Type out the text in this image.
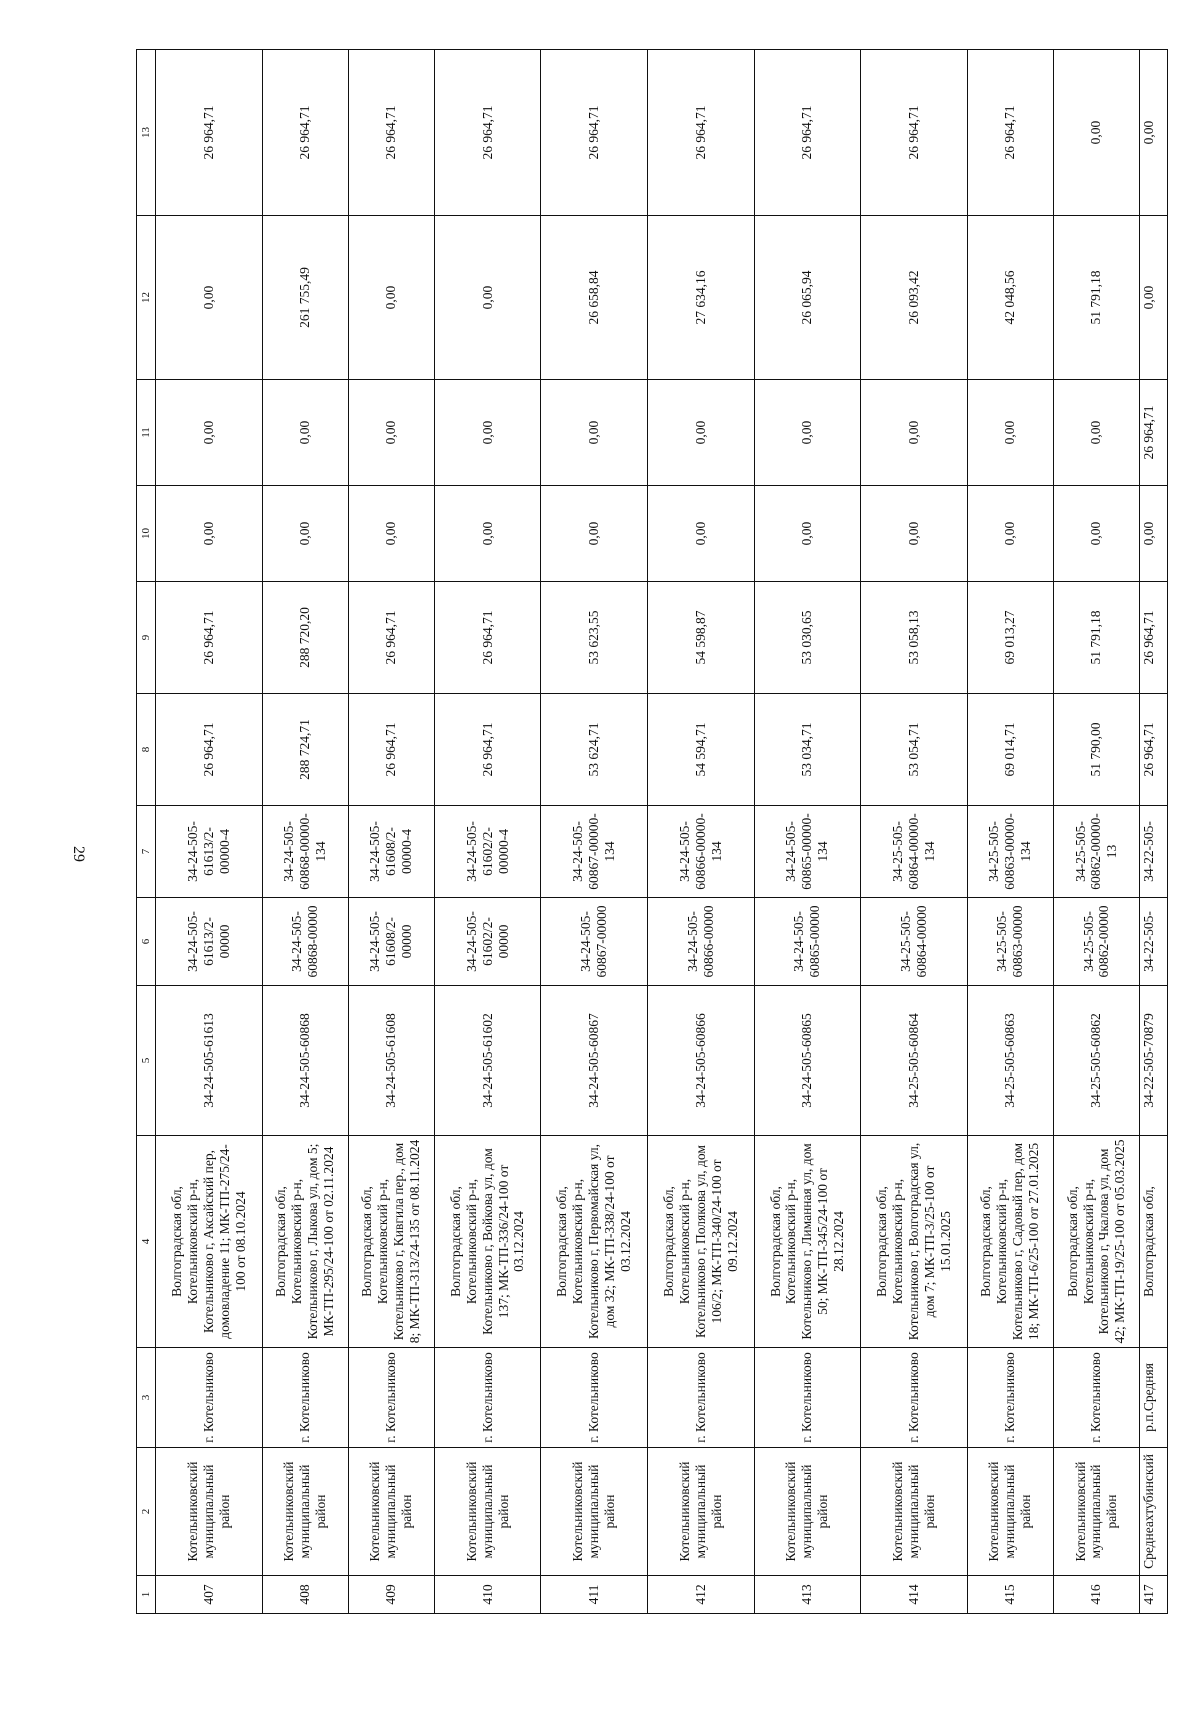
29
1	2	3	4	5	6	7	8	9	10	11	12	13
407	Котельниковский муниципальный район	г. Котельниково	Волгоградская обл, Котельниковский р-н, Котельниково г, Аксайский пер, домовладение 11; МК-ТП-275/24-100 от 08.10.2024	34-24-505-61613	34-24-505-61613/2-00000	34-24-505-61613/2-00000-4	26 964,71	26 964,71	0,00	0,00	0,00	26 964,71
408	Котельниковский муниципальный район	г. Котельниково	Волгоградская обл, Котельниковский р-н, Котельниково г, Лыкова ул, дом 5; МК-ТП-295/24-100 от 02.11.2024	34-24-505-60868	34-24-505-60868-00000	34-24-505-60868-00000-134	288 724,71	288 720,20	0,00	0,00	261 755,49	26 964,71
409	Котельниковский муниципальный район	г. Котельниково	Волгоградская обл, Котельниковский р-н, Котельниково г, Кивгила пер., дом 8; МК-ТП-313/24-135 от 08.11.2024	34-24-505-61608	34-24-505-61608/2-00000	34-24-505-61608/2-00000-4	26 964,71	26 964,71	0,00	0,00	0,00	26 964,71
410	Котельниковский муниципальный район	г. Котельниково	Волгоградская обл, Котельниковский р-н, Котельниково г, Войкова ул, дом 137; МК-ТП-336/24-100 от 03.12.2024	34-24-505-61602	34-24-505-61602/2-00000	34-24-505-61602/2-00000-4	26 964,71	26 964,71	0,00	0,00	0,00	26 964,71
411	Котельниковский муниципальный район	г. Котельниково	Волгоградская обл, Котельниковский р-н, Котельниково г, Первомайская ул, дом 32; МК-ТП-338/24-100 от 03.12.2024	34-24-505-60867	34-24-505-60867-00000	34-24-505-60867-00000-134	53 624,71	53 623,55	0,00	0,00	26 658,84	26 964,71
412	Котельниковский муниципальный район	г. Котельниково	Волгоградская обл, Котельниковский р-н, Котельниково г, Полякова ул, дом 106/2; МК-ТП-340/24-100 от 09.12.2024	34-24-505-60866	34-24-505-60866-00000	34-24-505-60866-00000-134	54 594,71	54 598,87	0,00	0,00	27 634,16	26 964,71
413	Котельниковский муниципальный район	г. Котельниково	Волгоградская обл, Котельниковский р-н, Котельниково г, Лиманная ул, дом 50; МК-ТП-345/24-100 от 28.12.2024	34-24-505-60865	34-24-505-60865-00000	34-24-505-60865-00000-134	53 034,71	53 030,65	0,00	0,00	26 065,94	26 964,71
414	Котельниковский муниципальный район	г. Котельниково	Волгоградская обл, Котельниковский р-н, Котельниково г, Волгоградская ул, дом 7; МК-ТП-3/25-100 от 15.01.2025	34-25-505-60864	34-25-505-60864-00000	34-25-505-60864-00000-134	53 054,71	53 058,13	0,00	0,00	26 093,42	26 964,71
415	Котельниковский муниципальный район	г. Котельниково	Волгоградская обл, Котельниковский р-н, Котельниково г, Садовый пер, дом 18; МК-ТП-6/25-100 от 27.01.2025	34-25-505-60863	34-25-505-60863-00000	34-25-505-60863-00000-134	69 014,71	69 013,27	0,00	0,00	42 048,56	26 964,71
416	Котельниковский муниципальный район	г. Котельниково	Волгоградская обл, Котельниковский р-н, Котельниково г, Чкалова ул, дом 42; МК-ТП-19/25-100 от 05.03.2025	34-25-505-60862	34-25-505-60862-00000	34-25-505-60862-00000-13	51 790,00	51 791,18	0,00	0,00	51 791,18	0,00
417	Среднеахтубинский	р.п.Средняя	Волгоградская обл,	34-22-505-70879	34-22-505-	34-22-505-	26 964,71	26 964,71	0,00	26 964,71	0,00	0,00
